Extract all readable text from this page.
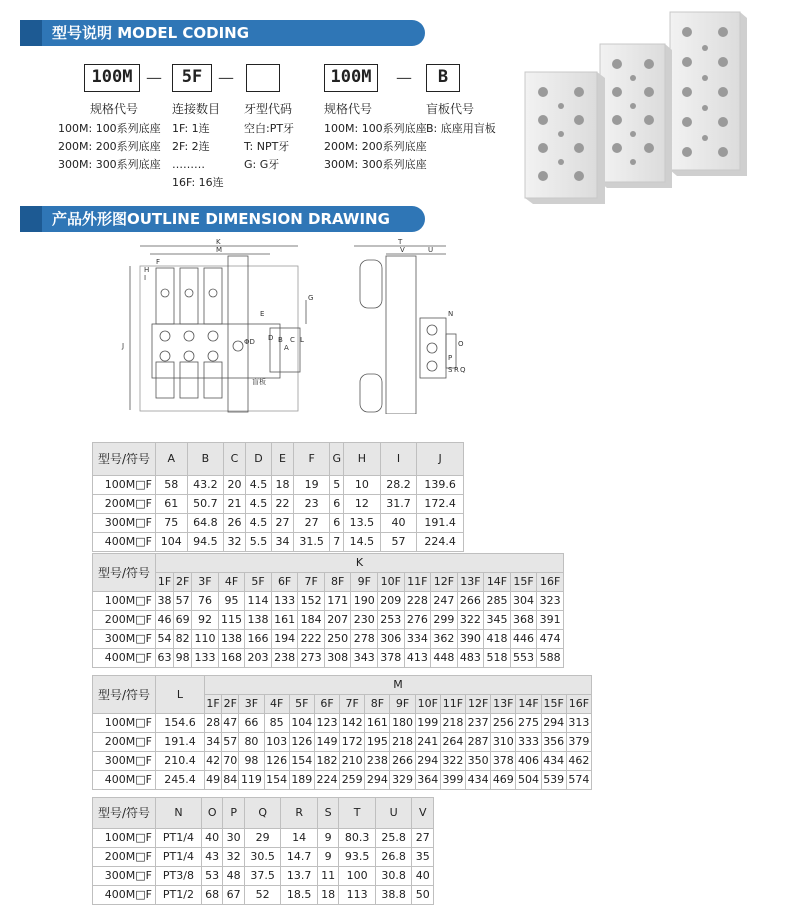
型号说明 MODEL CODING
100M —	5F —	100M	—	B
规格代号
100M: 100系列底座
200M: 200系列底座
300M: 300系列底座
连接数目
1F: 1连
2F: 2连
………
16F: 16连
牙型代码
空白:PT牙
T: NPT牙
G: G牙
规格代号
100M: 100系列底座
200M: 200系列底座
300M: 300系列底座
盲板代号
B: 底座用盲板
产品外形图OUTLINE DIMENSION DRAWING
K
M
F
E
I
H
G
D
ΦD
A
B C L
J
盲板
T
V	U
N
O
P
S R Q
型号/符号	A	B	C	D	E	F	G	H	I	J
100M□F	58	43.2	20	4.5	18	19	5	10	28.2	139.6
200M□F	61	50.7	21	4.5	22	23	6	12	31.7	172.4
300M□F	75	64.8	26	4.5	27	27	6	13.5	40	191.4
400M□F	104	94.5	32	5.5	34	31.5	7	14.5	57	224.4
型号/符号	K															
	1F	2F	3F	4F	5F	6F	7F	8F	9F	10F	11F	12F	13F	14F	15F	16F
100M□F	38	57	76	95	114	133	152	171	190	209	228	247	266	285	304	323
200M□F	46	69	92	115	138	161	184	207	230	253	276	299	322	345	368	391
300M□F	54	82	110	138	166	194	222	250	278	306	334	362	390	418	446	474
400M□F	63	98	133	168	203	238	273	308	343	378	413	448	483	518	553	588
型号/符号	L	M															
		1F	2F	3F	4F	5F	6F	7F	8F	9F	10F	11F	12F	13F	14F	15F	16F
100M□F	154.6	28	47	66	85	104	123	142	161	180	199	218	237	256	275	294	313
200M□F	191.4	34	57	80	103	126	149	172	195	218	241	264	287	310	333	356	379
300M□F	210.4	42	70	98	126	154	182	210	238	266	294	322	350	378	406	434	462
400M□F	245.4	49	84	119	154	189	224	259	294	329	364	399	434	469	504	539	574
型号/符号	N	O	P	Q	R	S	T	U	V
100M□F	PT1/4	40	30	29	14	9	80.3	25.8	27
200M□F	PT1/4	43	32	30.5	14.7	9	93.5	26.8	35
300M□F	PT3/8	53	48	37.5	13.7	11	100	30.8	40
400M□F	PT1/2	68	67	52	18.5	18	113	38.8	50
